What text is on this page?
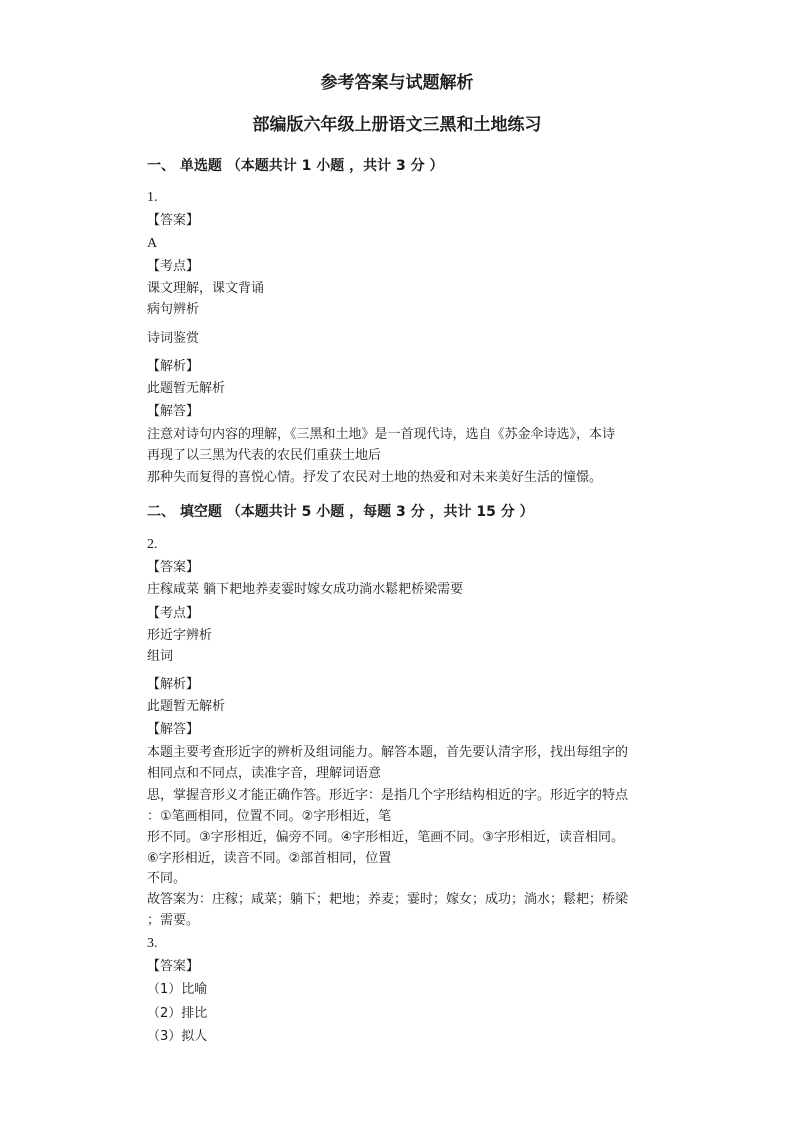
参考答案与试题解析
部编版六年级上册语文三黑和土地练习
一、 单选题 （本题共计 1 小题 ，共计 3 分 ）
1.
【答案】
A
【考点】
课文理解，课文背诵
病句辨析
诗词鉴赏
【解析】
此题暂无解析
【解答】
注意对诗句内容的理解，《三黑和土地》是一首现代诗，选自《苏金伞诗选》，本诗
再现了以三黑为代表的农民们重获土地后
那种失而复得的喜悦心情。抒发了农民对土地的热爱和对未来美好生活的憧憬。
二、 填空题 （本题共计 5 小题 ，每题 3 分 ，共计 15 分 ）
2.
【答案】
庄稼咸菜 躺下耙地养麦霎时嫁女成功淌水鬆耙桥梁需要
【考点】
形近字辨析
组词
【解析】
此题暂无解析
【解答】
本题主要考查形近字的辨析及组词能力。解答本题，首先要认清字形，找出每组字的
相同点和不同点，读准字音，理解词语意
思，掌握音形义才能正确作答。形近字：是指几个字形结构相近的字。形近字的特点
：①笔画相同，位置不同。②字形相近，笔
形不同。③字形相近，偏旁不同。④字形相近，笔画不同。③字形相近，读音相同。
⑥字形相近，读音不同。②部首相同，位置
不同。
故答案为：庄稼；咸菜；躺下；耙地；养麦；霎时；嫁女；成功；淌水；鬆耙；桥梁
；需要。
3.
【答案】
（1）比喻
（2）排比
（3）拟人
